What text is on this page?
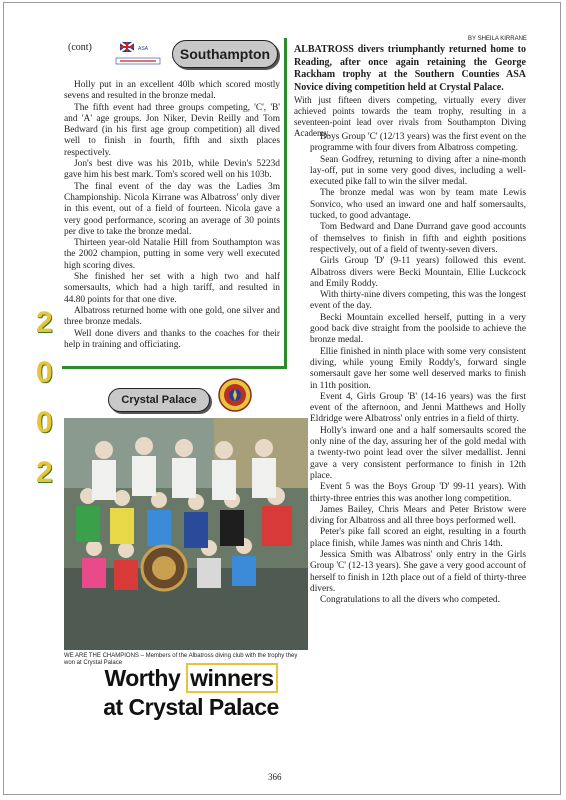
(cont)	ASA	Southampton

Holly put in an excellent 40lb which scored mostly sevens and resulted in the bronze medal.

The fifth event had three groups competing, 'C', 'B' and 'A' age groups. Jon Niker, Devin Reilly and Tom Bedward (in his first age group competition) all dived well to finish in fourth, fifth and sixth places respectively.

Jon's best dive was his 201b, while Devin's 5223d gave him his best mark. Tom's scored well on his 103b.

The final event of the day was the Ladies 3m Championship. Nicola Kirrane was Albatross' only diver in this event, out of a field of fourteen. Nicola gave a very good performance, scoring an average of 30 points per dive to take the bronze medal.

Thirteen year-old Natalie Hill from Southampton was the 2002 champion, putting in some very well executed high scoring dives.

She finished her set with a high two and half somersaults, which had a high tariff, and resulted in 44.80 points for that one dive.

Albatross returned home with one gold, one silver and three bronze medals.

Well done divers and thanks to the coaches for their help in training and officiating.

2
0
0
2
Crystal Palace
WE ARE THE CHAMPIONS – Members of the Albatross diving club with the trophy they won at Crystal Palace
Worthy winners
at Crystal Palace
BY SHEILA KIRRANE
ALBATROSS divers triumphantly returned home to Reading, after once again retaining the George Rackham trophy at the Southern Counties ASA Novice diving competition held at Crystal Palace.
With just fifteen divers competing, virtually every diver achieved points towards the team trophy, resulting in a seventeen-point lead over rivals from Southampton Diving Academy.

Boys Group 'C' (12/13 years) was the first event on the programme with four divers from Albatross competing.

Sean Godfrey, returning to diving after a nine-month lay-off, put in some very good dives, including a well-executed pike fall to win the silver medal.

The bronze medal was won by team mate Lewis Sonvico, who used an inward one and half somersaults, tucked, to good advantage.

Tom Bedward and Dane Durrand gave good accounts of themselves to finish in fifth and eighth positions respectively, out of a field of twenty-seven divers.

Girls Group 'D' (9-11 years) followed this event. Albatross divers were Becki Mountain, Ellie Luckcock and Emily Roddy.

With thirty-nine divers competing, this was the longest event of the day.

Becki Mountain excelled herself, putting in a very good back dive straight from the poolside to achieve the bronze medal.

Ellie finished in ninth place with some very consistent diving, while young Emily Roddy's, forward single somersault gave her some well deserved marks to finish in 11th position.

Event 4, Girls Group 'B' (14-16 years) was the first event of the afternoon, and Jenni Matthews and Holly Eldridge were Albatross' only entries in a field of thirty.

Holly's inward one and a half somersaults scored the only nine of the day, assuring her of the gold medal with a twenty-two point lead over the silver medallist. Jenni gave a very consistent performance to finish in 12th place.

Event 5 was the Boys Group 'D' 99-11 years). With thirty-three entries this was another long competition.

James Bailey, Chris Mears and Peter Bristow were diving for Albatross and all three boys performed well.

Peter's pike fall scored an eight, resulting in a fourth place finish, while James was ninth and Chris 14th.

Jessica Smith was Albatross' only entry in the Girls Group 'C' (12-13 years). She gave a very good account of herself to finish in 12th place out of a field of thirty-three divers.

Congratulations to all the divers who competed.

366
